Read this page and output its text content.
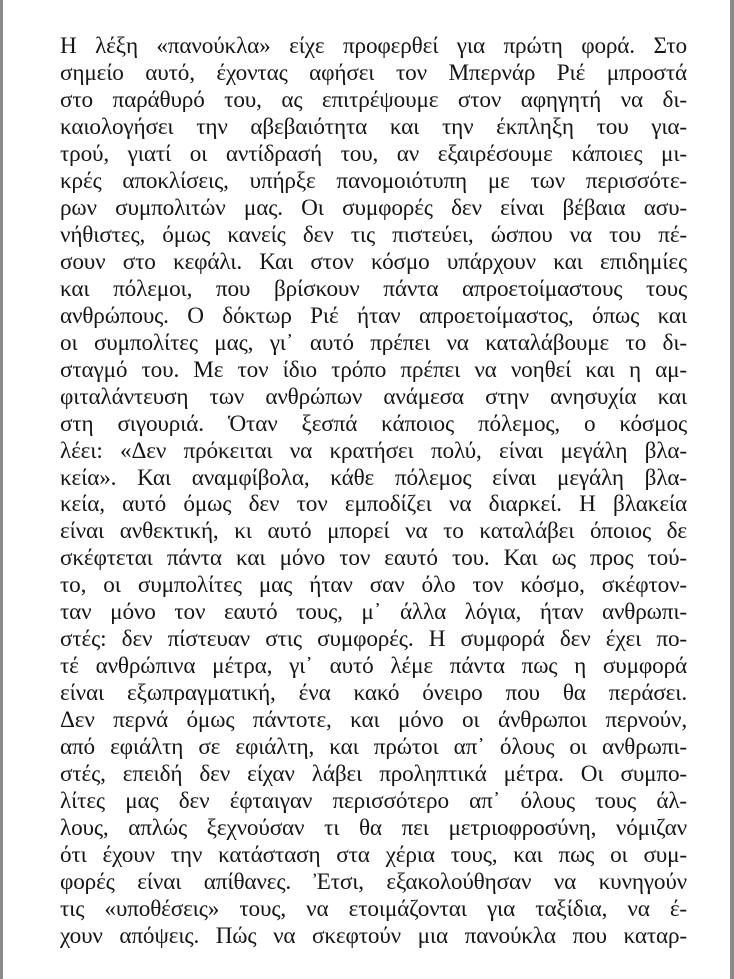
Η λέξη «πανούκλα» είχε προφερθεί για πρώτη φορά. Στο
σημείο αυτό, έχοντας αφήσει τον Μπερνάρ Ριέ μπροστά
στο παράθυρό του, ας επιτρέψουμε στον αφηγητή να δι-
καιολογήσει την αβεβαιότητα και την έκπληξη του για-
τρού, γιατί οι αντίδρασή του, αν εξαιρέσουμε κάποιες μι-
κρές αποκλίσεις, υπήρξε πανομοιότυπη με των περισσότε-
ρων συμπολιτών μας. Οι συμφορές δεν είναι βέβαια ασυ-
νήθιστες, όμως κανείς δεν τις πιστεύει, ώσπου να του πέ-
σουν στο κεφάλι. Και στον κόσμο υπάρχουν και επιδημίες
και πόλεμοι, που βρίσκουν πάντα απροετοίμαστους τους
ανθρώπους. Ο δόκτωρ Ριέ ήταν απροετοίμαστος, όπως και
οι συμπολίτες μας, γι᾿ αυτό πρέπει να καταλάβουμε το δι-
σταγμό του. Με τον ίδιο τρόπο πρέπει να νοηθεί και η αμ-
φιταλάντευση των ανθρώπων ανάμεσα στην ανησυχία και
στη σιγουριά. Ὁταν ξεσπά κάποιος πόλεμος, ο κόσμος
λέει: «Δεν πρόκειται να κρατήσει πολύ, είναι μεγάλη βλα-
κεία». Και αναμφίβολα, κάθε πόλεμος είναι μεγάλη βλα-
κεία, αυτό όμως δεν τον εμποδίζει να διαρκεί. Η βλακεία
είναι ανθεκτική, κι αυτό μπορεί να το καταλάβει όποιος δε
σκέφτεται πάντα και μόνο τον εαυτό του. Και ως προς τού-
το, οι συμπολίτες μας ήταν σαν όλο τον κόσμο, σκέφτον-
ταν μόνο τον εαυτό τους, μ᾿ άλλα λόγια, ήταν ανθρωπι-
στές: δεν πίστευαν στις συμφορές. Η συμφορά δεν έχει πο-
τέ ανθρώπινα μέτρα, γι᾿ αυτό λέμε πάντα πως η συμφορά
είναι εξωπραγματική, ένα κακό όνειρο που θα περάσει.
Δεν περνά όμως πάντοτε, και μόνο οι άνθρωποι περνούν,
από εφιάλτη σε εφιάλτη, και πρώτοι απ᾿ όλους οι ανθρωπι-
στές, επειδή δεν είχαν λάβει προληπτικά μέτρα. Οι συμπο-
λίτες μας δεν έφταιγαν περισσότερο απ᾿ όλους τους άλ-
λους, απλώς ξεχνούσαν τι θα πει μετριοφροσύνη, νόμιζαν
ότι έχουν την κατάσταση στα χέρια τους, και πως οι συμ-
φορές είναι απίθανες. Ἐτσι, εξακολούθησαν να κυνηγούν
τις «υποθέσεις» τους, να ετοιμάζονται για ταξίδια, να έ-
χουν απόψεις. Πώς να σκεφτούν μια πανούκλα που καταρ-
